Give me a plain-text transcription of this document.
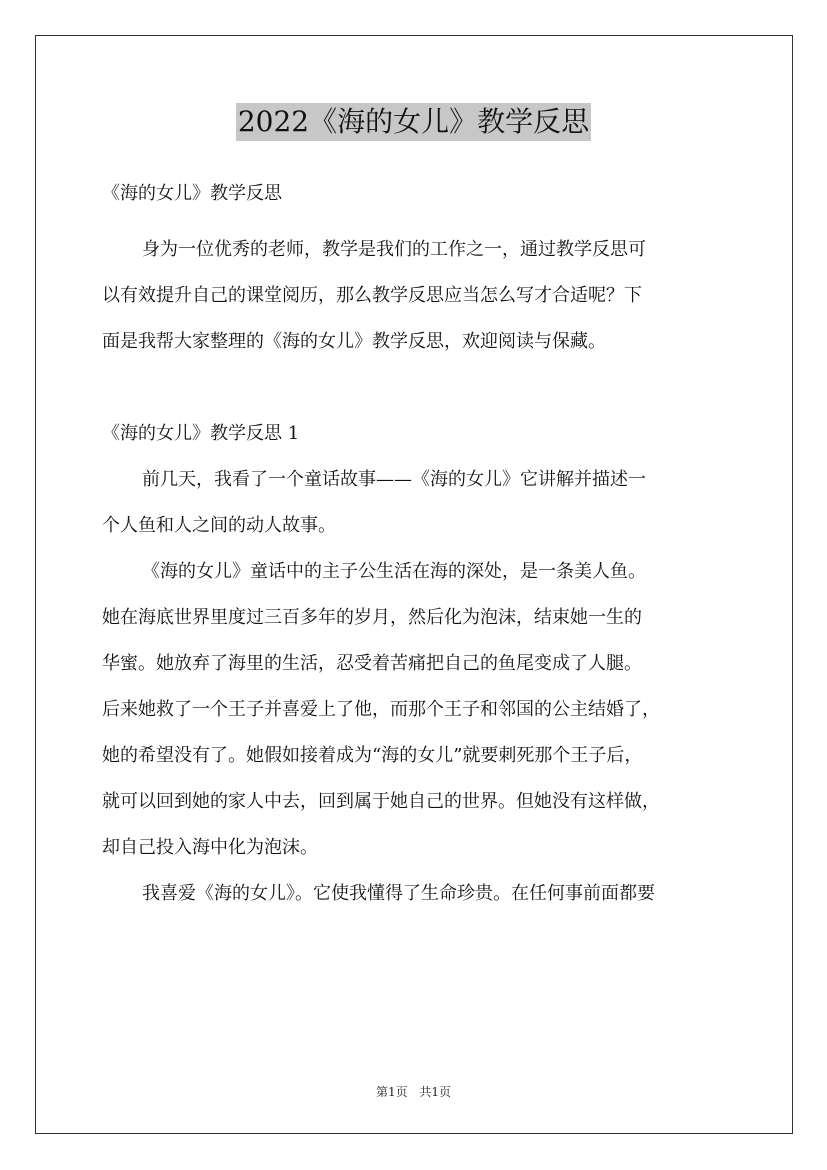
2022《海的女儿》教学反思
《海的女儿》教学反思
身为一位优秀的老师，教学是我们的工作之一，通过教学反思可
以有效提升自己的课堂阅历，那么教学反思应当怎么写才合适呢？下
面是我帮大家整理的《海的女儿》教学反思，欢迎阅读与保藏。
《海的女儿》教学反思 1
前几天，我看了一个童话故事——《海的女儿》它讲解并描述一
个人鱼和人之间的动人故事。
《海的女儿》童话中的主子公生活在海的深处，是一条美人鱼。
她在海底世界里度过三百多年的岁月，然后化为泡沫，结束她一生的
华蜜。她放弃了海里的生活，忍受着苦痛把自己的鱼尾变成了人腿。
后来她救了一个王子并喜爱上了他，而那个王子和邻国的公主结婚了，
她的希望没有了。她假如接着成为“海的女儿”就要刺死那个王子后，
就可以回到她的家人中去，回到属于她自己的世界。但她没有这样做，
却自己投入海中化为泡沫。
我喜爱《海的女儿》。它使我懂得了生命珍贵。在任何事前面都要
第1页 共1页
